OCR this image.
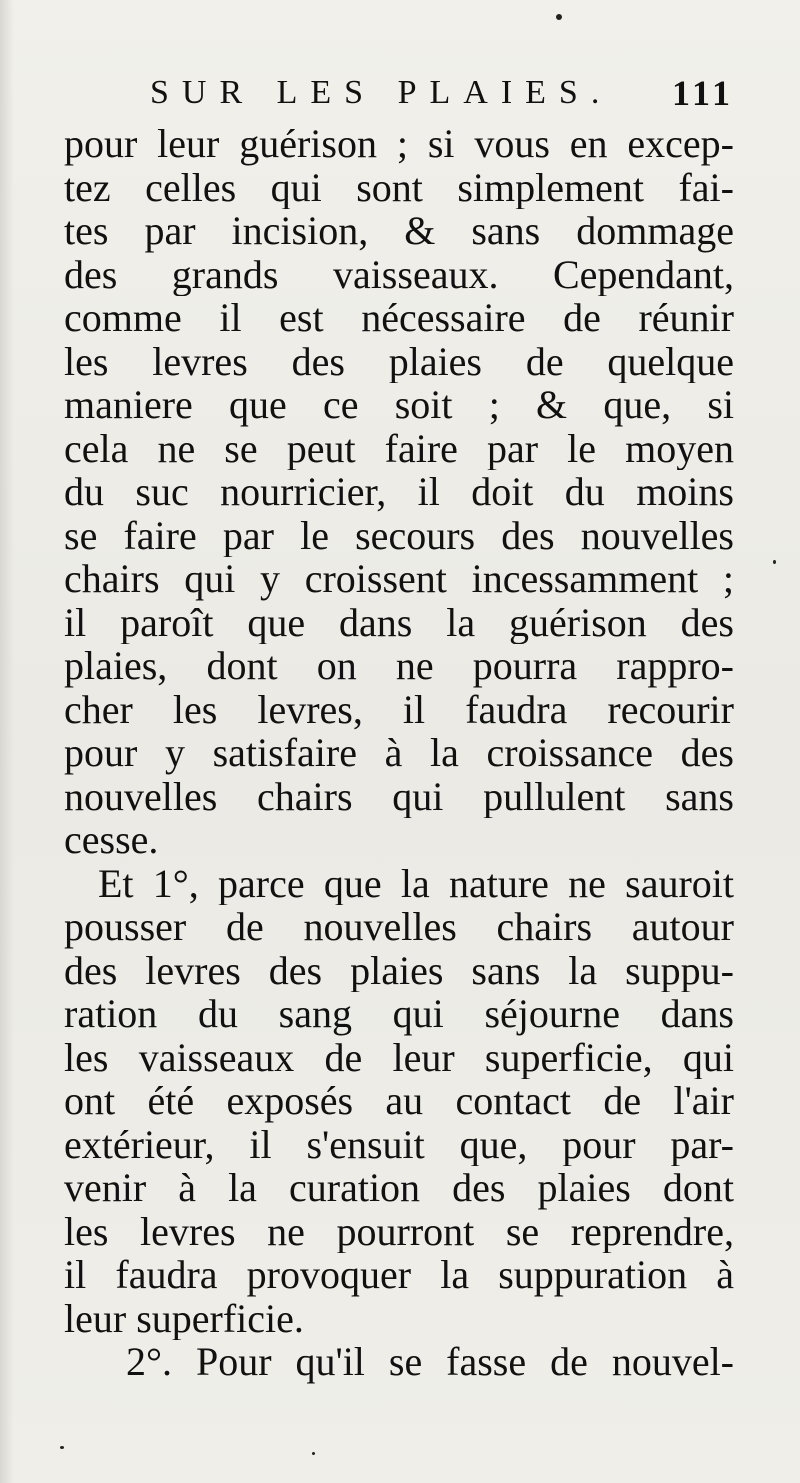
SUR LES PLAIES. 111
pour leur guérison ; si vous en excep-
tez celles qui sont simplement fai-
tes par incision, & sans dommage
des grands vaisseaux. Cependant,
comme il est nécessaire de réunir
les levres des plaies de quelque
maniere que ce soit ; & que, si
cela ne se peut faire par le moyen
du suc nourricier, il doit du moins
se faire par le secours des nouvelles
chairs qui y croissent incessamment ;
il paroît que dans la guérison des
plaies, dont on ne pourra rappro-
cher les levres, il faudra recourir
pour y satisfaire à la croissance des
nouvelles chairs qui pullulent sans
cesse.
Et 1°, parce que la nature ne sauroit
pousser de nouvelles chairs autour
des levres des plaies sans la suppu-
ration du sang qui séjourne dans
les vaisseaux de leur superficie, qui
ont été exposés au contact de l'air
extérieur, il s'ensuit que, pour par-
venir à la curation des plaies dont
les levres ne pourront se reprendre,
il faudra provoquer la suppuration à
leur superficie.
2°. Pour qu'il se fasse de nouvel-
